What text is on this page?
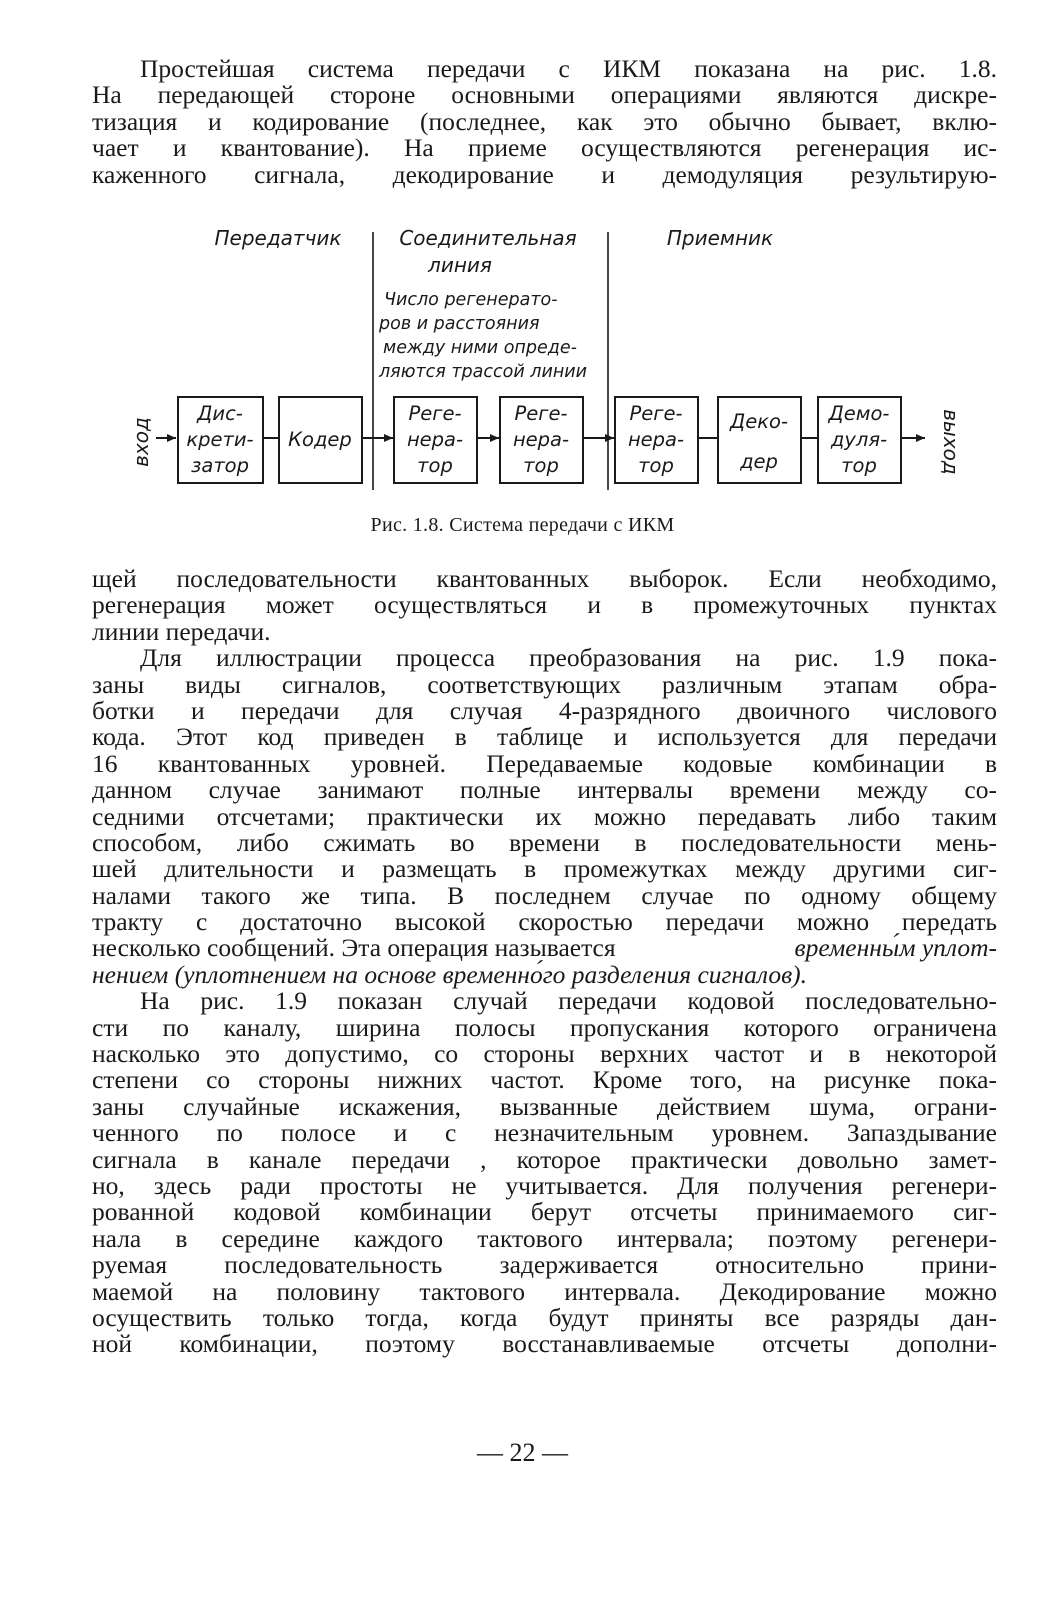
Простейшая система передачи с ИКМ показана на рис. 1.8.
На передающей стороне основными операциями являются дискре-
тизация и кодирование (последнее, как это обычно бывает, вклю-
чает и квантование). На приеме осуществляются регенерация ис-
каженного сигнала, декодирование и демодуляция результирую-
Передатчик	Соединительная
линия
Приемник
Число регенерато-
ров и расстояния
между ними опреде-
ляются трассой линии
вход
Дис-
крети-
затор
Кодер
Реге-
нера-
тор
Реге-
нера-
тор
Реге-
нера-
тор
Деко-
дер
Демо-
дуля-
тор	выход
Рис. 1.8. Система передачи с ИКМ
щей последовательности квантованных выборок. Если необходимо,
регенерация может осуществляться и в промежуточных пунктах
линии передачи.
Для иллюстрации процесса преобразования на рис. 1.9 пока-
заны виды сигналов, соответствующих различным этапам обра-
ботки и передачи для случая 4-разрядного двоичного числового
кода. Этот код приведен в таблице и используется для передачи
16 квантованных уровней. Передаваемые кодовые комбинации в
данном случае занимают полные интервалы времени между со-
седними отсчетами; практически их можно передавать либо таким
способом, либо сжимать во времени в последовательности мень-
шей длительности и размещать в промежутках между другими сиг-
налами такого же типа. В последнем случае по одному общему
тракту с достаточно высокой скоростью передачи можно передать
несколько сообщений. Эта операция называется	временны́м уплот-
нением (уплотнением на основе временно́го разделения сигналов).
На рис. 1.9 показан случай передачи кодовой последовательно-
сти по каналу, ширина полосы пропускания которого ограничена
насколько это допустимо, со стороны верхних частот и в некоторой
степени со стороны нижних частот. Кроме того, на рисунке пока-
заны случайные искажения, вызванные действием шума, ограни-
ченного по полосе и с незначительным уровнем. Запаздывание
сигнала в канале передачи , которое практически довольно замет-
но, здесь ради простоты не учитывается. Для получения регенери-
рованной кодовой комбинации берут отсчеты принимаемого сиг-
нала в середине каждого тактового интервала; поэтому регенери-
руемая последовательность задерживается относительно прини-
маемой на половину тактового интервала. Декодирование можно
осуществить только тогда, когда будут приняты все разряды дан-
ной комбинации, поэтому восстанавливаемые отсчеты дополни-
— 22 —
